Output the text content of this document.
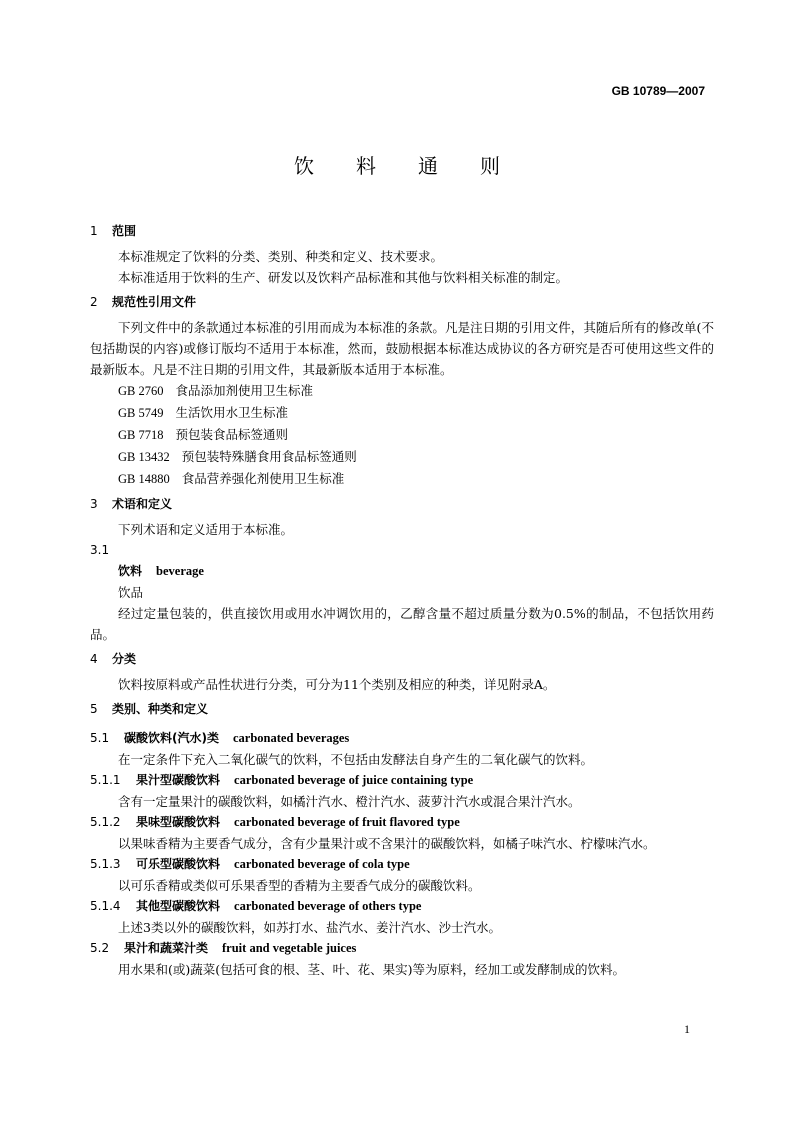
GB 10789—2007
饮料通则
1	范围

本标准规定了饮料的分类、类别、种类和定义、技术要求。

本标准适用于饮料的生产、研发以及饮料产品标准和其他与饮料相关标准的制定。

2	规范性引用文件

下列文件中的条款通过本标准的引用而成为本标准的条款。凡是注日期的引用文件，其随后所有的修改单(不包括勘误的内容)或修订版均不适用于本标准，然而，鼓励根据本标准达成协议的各方研究是否可使用这些文件的最新版本。凡是不注日期的引用文件，其最新版本适用于本标准。

GB 2760 食品添加剂使用卫生标准
GB 5749 生活饮用水卫生标准
GB 7718 预包装食品标签通则
GB 13432 预包装特殊膳食用食品标签通则
GB 14880 食品营养强化剂使用卫生标准
3	术语和定义

下列术语和定义适用于本标准。

3.1
饮料 beverage

饮品

经过定量包装的，供直接饮用或用水冲调饮用的，乙醇含量不超过质量分数为0.5%的制品，不包括饮用药品。

4	分类

饮料按原料或产品性状进行分类，可分为11个类别及相应的种类，详见附录A。

5	类别、种类和定义
5.1	碳酸饮料(汽水)类 carbonated beverages

在一定条件下充入二氧化碳气的饮料，不包括由发酵法自身产生的二氧化碳气的饮料。

5.1.1	果汁型碳酸饮料 carbonated beverage of juice containing type

含有一定量果汁的碳酸饮料，如橘汁汽水、橙汁汽水、菠萝汁汽水或混合果汁汽水。

5.1.2	果味型碳酸饮料 carbonated beverage of fruit flavored type

以果味香精为主要香气成分，含有少量果汁或不含果汁的碳酸饮料，如橘子味汽水、柠檬味汽水。

5.1.3	可乐型碳酸饮料 carbonated beverage of cola type

以可乐香精或类似可乐果香型的香精为主要香气成分的碳酸饮料。

5.1.4	其他型碳酸饮料 carbonated beverage of others type

上述3类以外的碳酸饮料，如苏打水、盐汽水、姜汁汽水、沙士汽水。

5.2	果汁和蔬菜汁类 fruit and vegetable juices

用水果和(或)蔬菜(包括可食的根、茎、叶、花、果实)等为原料，经加工或发酵制成的饮料。

1
